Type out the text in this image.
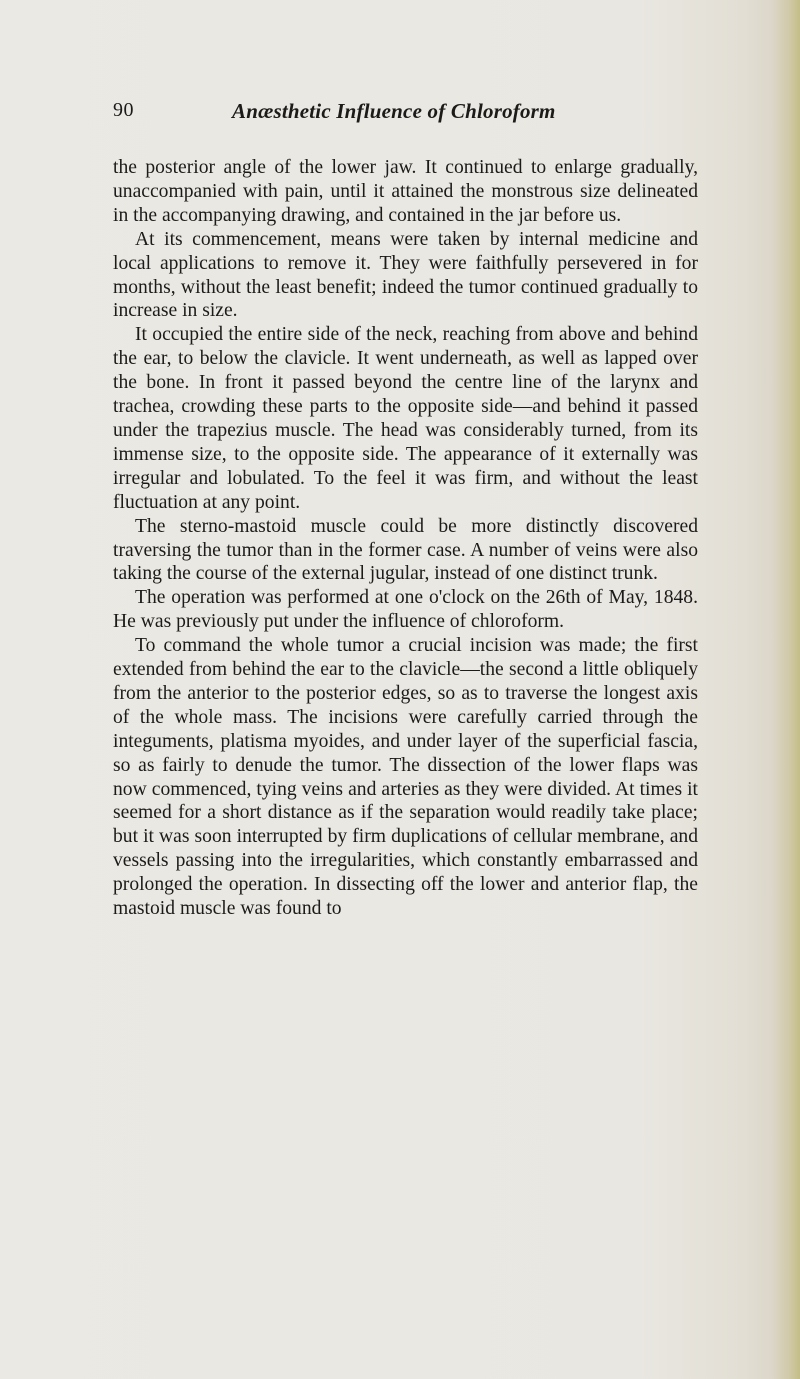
90	Anæsthetic Influence of Chloroform

the posterior angle of the lower jaw. It continued to enlarge gradually, unaccompanied with pain, until it attained the monstrous size delineated in the accompanying drawing, and contained in the jar before us.

At its commencement, means were taken by internal medicine and local applications to remove it. They were faithfully persevered in for months, without the least benefit; indeed the tumor continued gradually to increase in size.

It occupied the entire side of the neck, reaching from above and behind the ear, to below the clavicle. It went underneath, as well as lapped over the bone. In front it passed beyond the centre line of the larynx and trachea, crowding these parts to the opposite side—and behind it passed under the trapezius muscle. The head was considerably turned, from its immense size, to the opposite side. The appearance of it externally was irregular and lobulated. To the feel it was firm, and without the least fluctuation at any point.

The sterno-mastoid muscle could be more distinctly discovered traversing the tumor than in the former case. A number of veins were also taking the course of the external jugular, instead of one distinct trunk.

The operation was performed at one o'clock on the 26th of May, 1848. He was previously put under the influence of chloroform.

To command the whole tumor a crucial incision was made; the first extended from behind the ear to the clavicle—the second a little obliquely from the anterior to the posterior edges, so as to traverse the longest axis of the whole mass. The incisions were carefully carried through the integuments, platisma myoides, and under layer of the superficial fascia, so as fairly to denude the tumor. The dissection of the lower flaps was now commenced, tying veins and arteries as they were divided. At times it seemed for a short distance as if the separation would readily take place; but it was soon interrupted by firm duplications of cellular membrane, and vessels passing into the irregularities, which constantly embarrassed and prolonged the operation. In dissecting off the lower and anterior flap, the mastoid muscle was found to
